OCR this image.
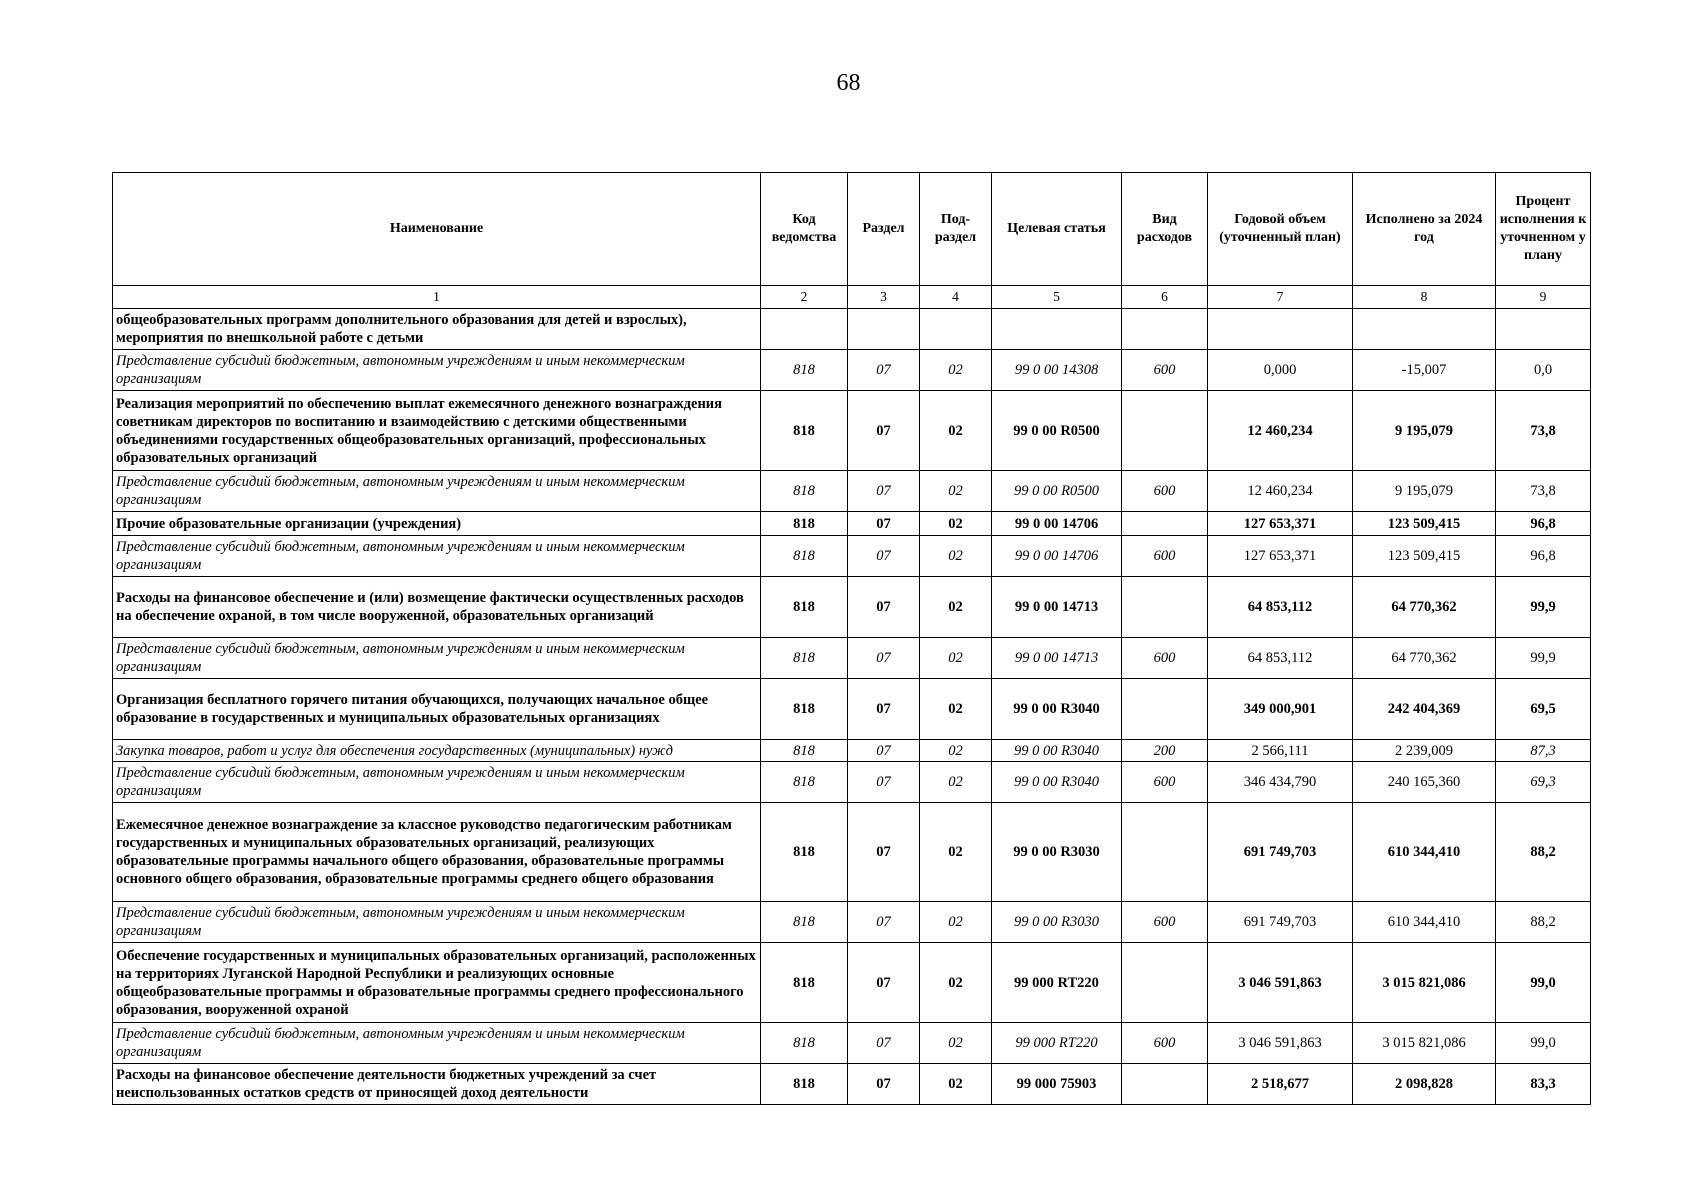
68
Наименование	Код ведомства	Раздел	Под-раздел	Целевая статья	Вид расходов	Годовой объем (уточненный план)	Исполнено за 2024 год	Процент исполнения к уточненном у плану
1	2	3	4	5	6	7	8	9
общеобразовательных программ дополнительного образования для детей и взрослых), мероприятия по внешкольной работе с детьми								
Представление субсидий бюджетным, автономным учреждениям и иным некоммерческим организациям	818	07	02	99 0 00 14308	600	0,000	-15,007	0,0
Реализация мероприятий по обеспечению выплат ежемесячного денежного вознаграждения советникам директоров по воспитанию и взаимодействию с детскими общественными объединениями государственных общеобразовательных организаций, профессиональных образовательных организаций	818	07	02	99 0 00 R0500		12 460,234	9 195,079	73,8
Представление субсидий бюджетным, автономным учреждениям и иным некоммерческим организациям	818	07	02	99 0 00 R0500	600	12 460,234	9 195,079	73,8
Прочие образовательные организации (учреждения)	818	07	02	99 0 00 14706		127 653,371	123 509,415	96,8
Представление субсидий бюджетным, автономным учреждениям и иным некоммерческим организациям	818	07	02	99 0 00 14706	600	127 653,371	123 509,415	96,8
Расходы на финансовое обеспечение и (или) возмещение фактически осуществленных расходов на обеспечение охраной, в том числе вооруженной, образовательных организаций	818	07	02	99 0 00 14713		64 853,112	64 770,362	99,9
Представление субсидий бюджетным, автономным учреждениям и иным некоммерческим организациям	818	07	02	99 0 00 14713	600	64 853,112	64 770,362	99,9
Организация бесплатного горячего питания обучающихся, получающих начальное общее образование в государственных и муниципальных образовательных организациях	818	07	02	99 0 00 R3040		349 000,901	242 404,369	69,5
Закупка товаров, работ и услуг для обеспечения государственных (муниципальных) нужд	818	07	02	99 0 00 R3040	200	2 566,111	2 239,009	87,3
Представление субсидий бюджетным, автономным учреждениям и иным некоммерческим организациям	818	07	02	99 0 00 R3040	600	346 434,790	240 165,360	69,3
Ежемесячное денежное вознаграждение за классное руководство педагогическим работникам государственных и муниципальных образовательных организаций, реализующих образовательные программы начального общего образования, образовательные программы основного общего образования, образовательные программы среднего общего образования	818	07	02	99 0 00 R3030		691 749,703	610 344,410	88,2
Представление субсидий бюджетным, автономным учреждениям и иным некоммерческим организациям	818	07	02	99 0 00 R3030	600	691 749,703	610 344,410	88,2
Обеспечение государственных и муниципальных образовательных организаций, расположенных на территориях Луганской Народной Республики и реализующих основные общеобразовательные программы и образовательные программы среднего профессионального образования, вооруженной охраной	818	07	02	99 000 RT220		3 046 591,863	3 015 821,086	99,0
Представление субсидий бюджетным, автономным учреждениям и иным некоммерческим организациям	818	07	02	99 000 RT220	600	3 046 591,863	3 015 821,086	99,0
Расходы на финансовое обеспечение деятельности бюджетных учреждений за счет неиспользованных остатков средств от приносящей доход деятельности	818	07	02	99 000 75903		2 518,677	2 098,828	83,3
